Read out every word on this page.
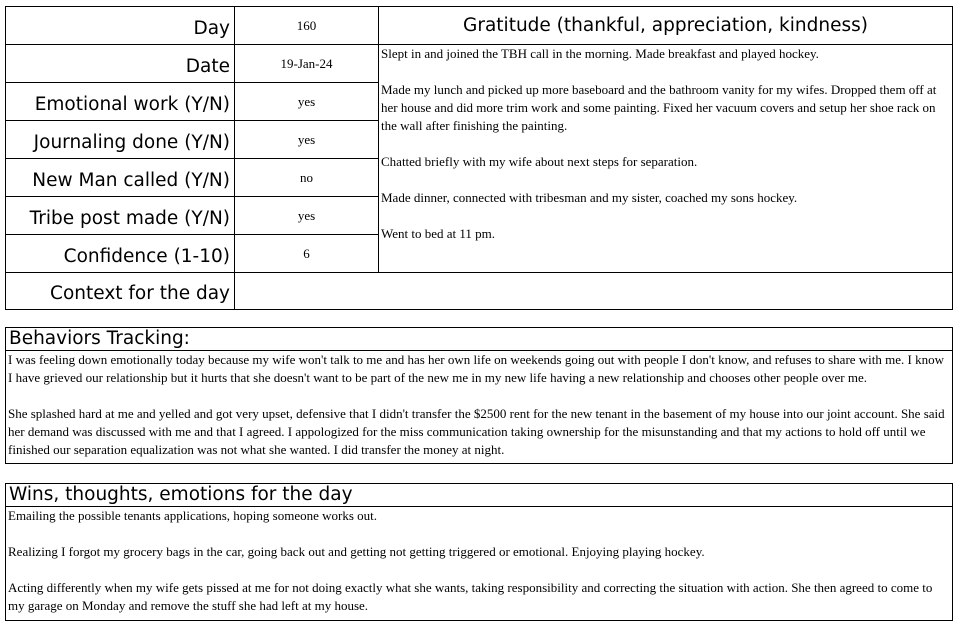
Day	160
Date	19-Jan-24
Emotional work (Y/N)	yes
Journaling done (Y/N)	yes
New Man called (Y/N)	no
Tribe post made (Y/N)	yes
Confidence (1-10)	6
Context for the day
Gratitude (thankful, appreciation, kindness)

Slept in and joined the TBH call in the morning. Made breakfast and played hockey.

Made my lunch and picked up more baseboard and the bathroom vanity for my wifes. Dropped them off at her house and did more trim work and some painting. Fixed her vacuum covers and setup her shoe rack on the wall after finishing the painting.

Chatted briefly with my wife about next steps for separation.

Made dinner, connected with tribesman and my sister, coached my sons hockey.

Went to bed at 11 pm.

Behaviors Tracking:

I was feeling down emotionally today because my wife won't talk to me and has her own life on weekends going out with people I don't know, and refuses to share with me. I know I have grieved our relationship but it hurts that she doesn't want to be part of the new me in my new life having a new relationship and chooses other people over me.

She splashed hard at me and yelled and got very upset, defensive that I didn't transfer the $2500 rent for the new tenant in the basement of my house into our joint account. She said her demand was discussed with me and that I agreed. I appologized for the miss communication taking ownership for the misunstanding and that my actions to hold off until we finished our separation equalization was not what she wanted. I did transfer the money at night.

Wins, thoughts, emotions for the day

Emailing the possible tenants applications, hoping someone works out.

Realizing I forgot my grocery bags in the car, going back out and getting not getting triggered or emotional. Enjoying playing hockey.

Acting differently when my wife gets pissed at me for not doing exactly what she wants, taking responsibility and correcting the situation with action. She then agreed to come to my garage on Monday and remove the stuff she had left at my house.
